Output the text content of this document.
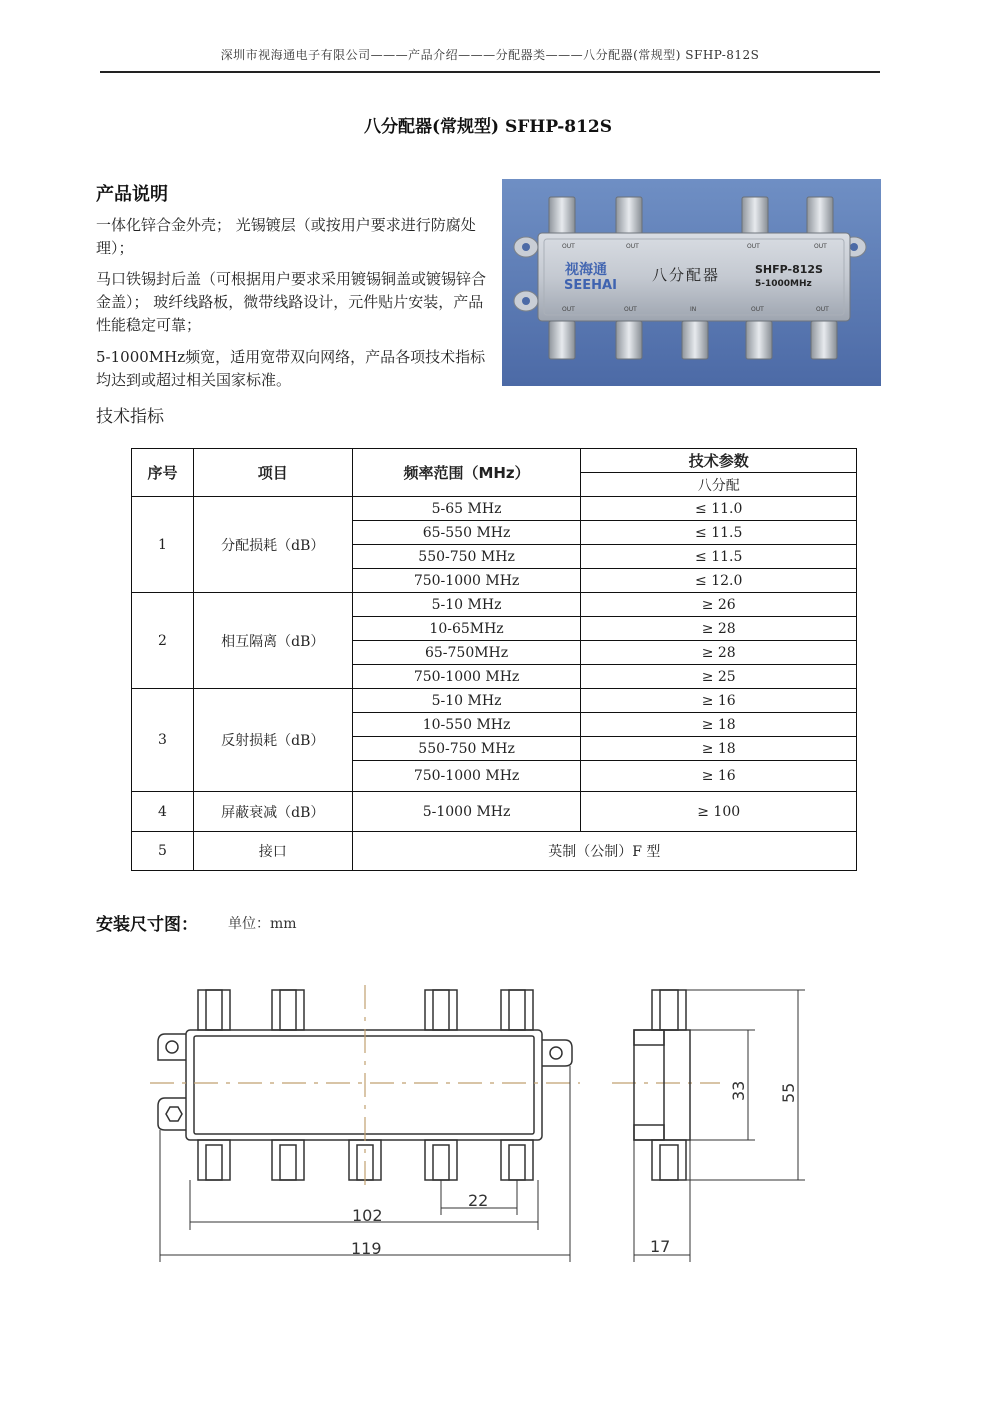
深圳市视海通电子有限公司———产品介绍———分配器类———八分配器(常规型) SFHP-812S
八分配器(常规型) SFHP-812S
产品说明
一体化锌合金外壳； 光锡镀层（或按用户要求进行防腐处理）；
马口铁锡封后盖（可根据用户要求采用镀锡铜盖或镀锡锌合金盖）； 玻纤线路板，微带线路设计，元件贴片安装，产品性能稳定可靠；
5-1000MHz频宽，适用宽带双向网络，产品各项技术指标均达到或超过相关国家标准。
技术指标
OUT	OUT	OUT	OUT
视海通
SEEHAI
八分配器	SHFP-812S
5-1000MHz
OUT	OUT	IN	OUT	OUT
序号	项目	频率范围（MHz）	技术参数
			八分配
1	分配损耗（dB）	5-65 MHz	≤ 11.0
		65-550 MHz	≤ 11.5
		550-750 MHz	≤ 11.5
		750-1000 MHz	≤ 12.0
2	相互隔离（dB）	5-10 MHz	≥ 26
		10-65MHz	≥ 28
		65-750MHz	≥ 28
		750-1000 MHz	≥ 25
3	反射损耗（dB）	5-10 MHz	≥ 16
		10-550 MHz	≥ 18
		550-750 MHz	≥ 18
		750-1000 MHz	≥ 16
4	屏蔽衰减（dB）	5-1000 MHz	≥ 100
5	接口	英制（公制）F 型	
安装尺寸图： 单位：mm
102
119
22
33 55
17
